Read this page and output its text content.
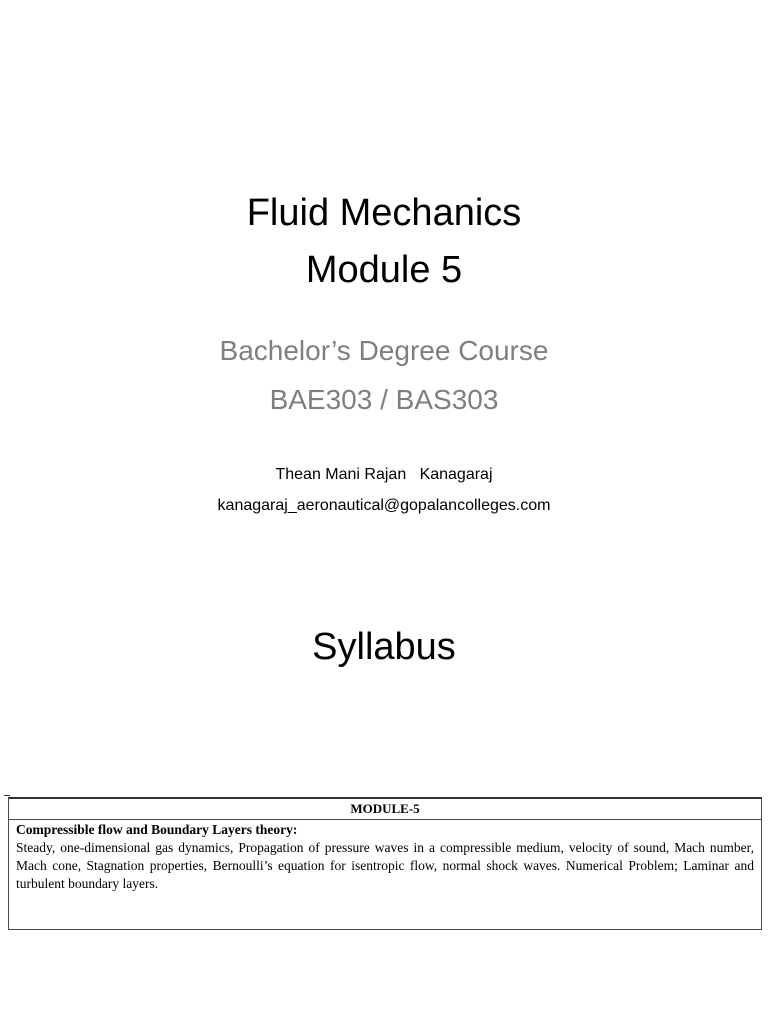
Fluid Mechanics
Module 5
Bachelor’s Degree Course
BAE303 / BAS303
Thean Mani Rajan   Kanagaraj
kanagaraj_aeronautical@gopalancolleges.com
Syllabus
MODULE-5
Compressible flow and Boundary Layers theory:
Steady, one-dimensional gas dynamics, Propagation of pressure waves in a compressible medium, velocity of sound, Mach number, Mach cone, Stagnation properties, Bernoulli’s equation for isentropic flow, normal shock waves. Numerical Problem; Laminar and turbulent boundary layers.
